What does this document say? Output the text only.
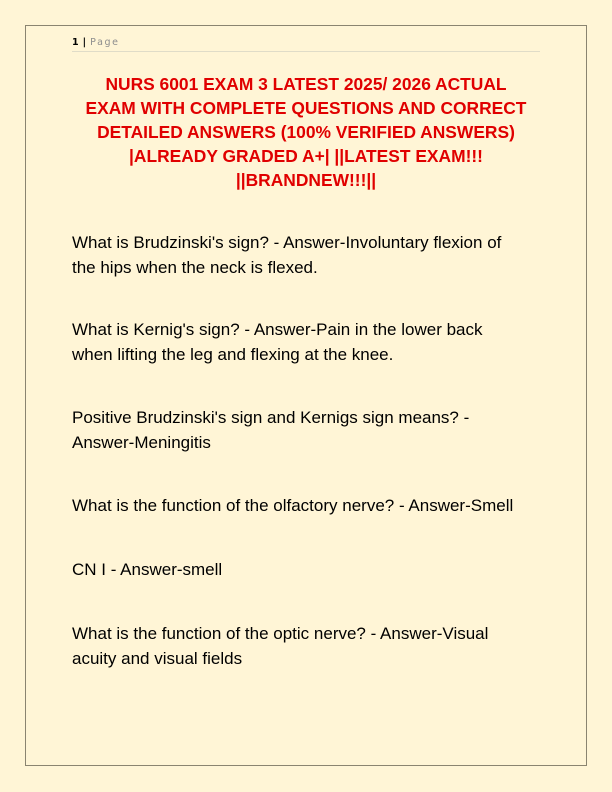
1 | Page
NURS 6001 EXAM 3 LATEST 2025/ 2026 ACTUAL
EXAM WITH COMPLETE QUESTIONS AND CORRECT
DETAILED ANSWERS (100% VERIFIED ANSWERS)
|ALREADY GRADED A+| ||LATEST EXAM!!!
||BRANDNEW!!!||

What is Brudzinski's sign? - Answer-Involuntary flexion of
the hips when the neck is flexed.

What is Kernig's sign? - Answer-Pain in the lower back
when lifting the leg and flexing at the knee.

Positive Brudzinski's sign and Kernigs sign means? -
Answer-Meningitis

What is the function of the olfactory nerve? - Answer-Smell

CN I - Answer-smell

What is the function of the optic nerve? - Answer-Visual
acuity and visual fields
